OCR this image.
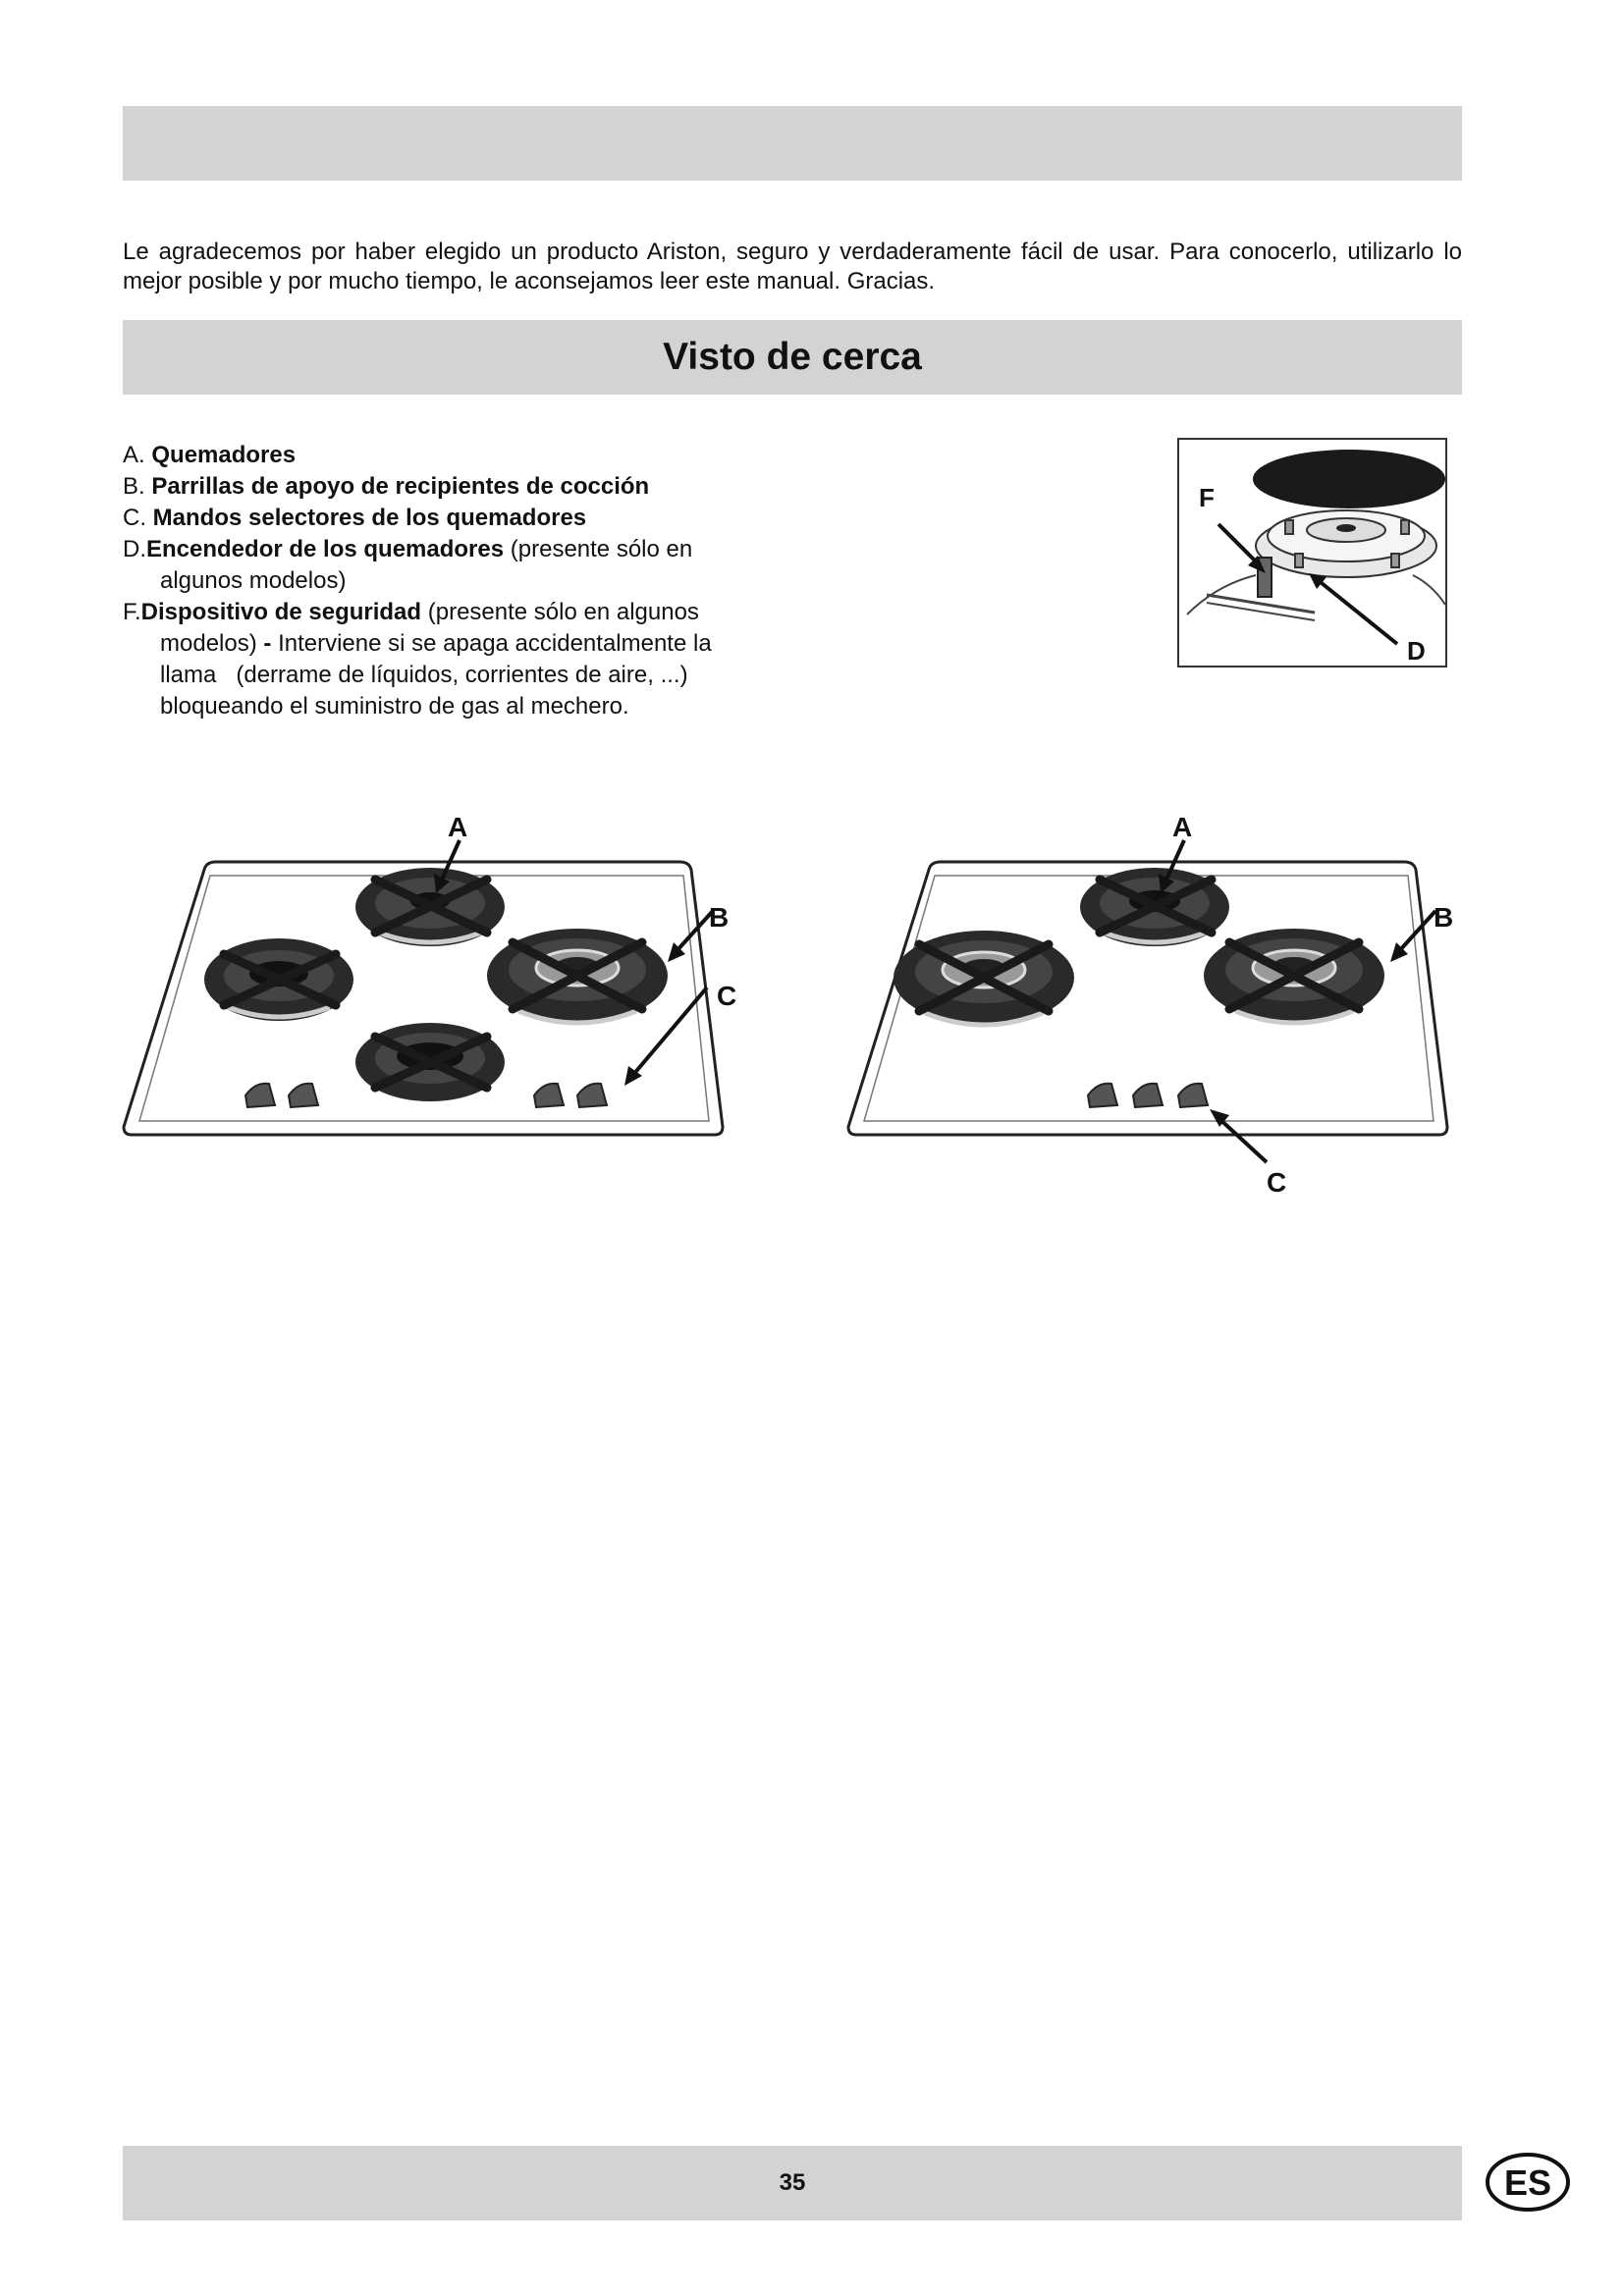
Le agradecemos por haber elegido un producto Ariston, seguro y verdaderamente fácil de usar. Para conocerlo, utilizarlo lo mejor posible y por mucho tiempo, le aconsejamos leer este manual. Gracias.

Visto de cerca
A. Quemadores
B. Parrillas de apoyo de recipientes de cocción
C. Mandos selectores de los quemadores
D.Encendedor de los quemadores (presente sólo en
algunos modelos)
F.Dispositivo de seguridad (presente sólo en algunos
modelos) - Interviene si se apaga accidentalmente la
llama   (derrame de líquidos, corrientes de aire, ...)
bloqueando el suministro de gas al mechero.
F
D
A
B
C
A
B
C
35	ES
